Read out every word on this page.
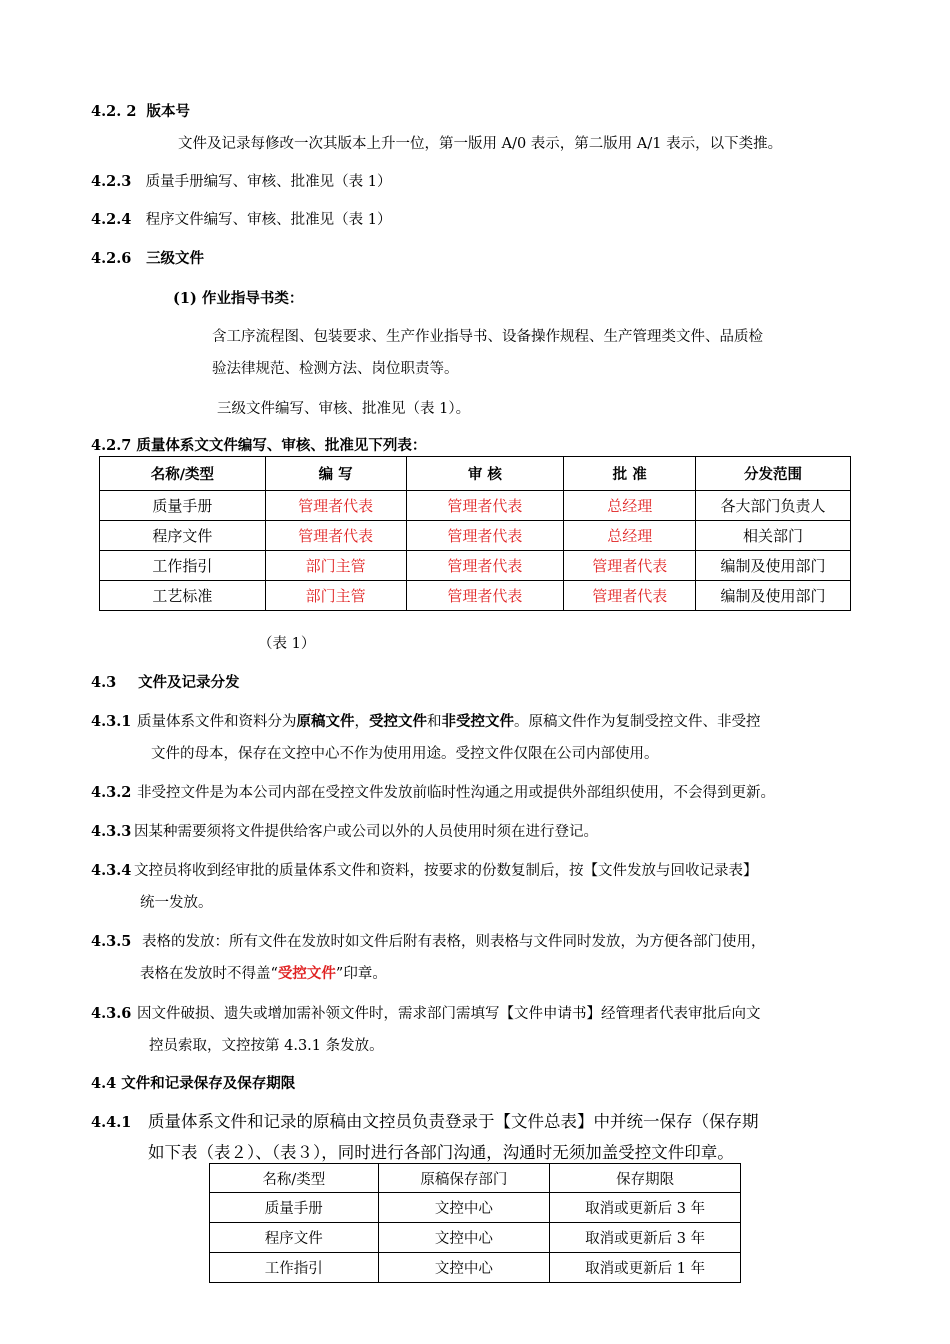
4.2. 2 版本号
文件及记录每修改一次其版本上升一位，第一版用 A/0 表示，第二版用 A/1 表示，以下类推。
4.2.3 质量手册编写、审核、批准见（表 1）
4.2.4 程序文件编写、审核、批准见（表 1）
4.2.6 三级文件
(1) 作业指导书类：
含工序流程图、包装要求、生产作业指导书、设备操作规程、生产管理类文件、品质检
验法律规范、检测方法、岗位职责等。
三级文件编写、审核、批准见（表 1）。
4.2.7 质量体系文文件编写、审核、批准见下列表：
名称/类型	编 写	审 核	批 准	分发范围
质量手册	管理者代表	管理者代表	总经理	各大部门负责人
程序文件	管理者代表	管理者代表	总经理	相关部门
工作指引	部门主管	管理者代表	管理者代表	编制及使用部门
工艺标准	部门主管	管理者代表	管理者代表	编制及使用部门
（表 1）
4.3 文件及记录分发
4.3.1 质量体系文件和资料分为原稿文件，受控文件和非受控文件。原稿文件作为复制受控文件、非受控
文件的母本，保存在文控中心不作为使用用途。受控文件仅限在公司内部使用。
4.3.2 非受控文件是为本公司内部在受控文件发放前临时性沟通之用或提供外部组织使用，不会得到更新。
4.3.3 因某种需要须将文件提供给客户或公司以外的人员使用时须在进行登记。
4.3.4 文控员将收到经审批的质量体系文件和资料，按要求的份数复制后，按【文件发放与回收记录表】
统一发放。
4.3.5 表格的发放：所有文件在发放时如文件后附有表格，则表格与文件同时发放，为方便各部门使用，
表格在发放时不得盖“受控文件”印章。
4.3.6 因文件破损、遗失或增加需补领文件时，需求部门需填写【文件申请书】经管理者代表审批后向文
控员索取，文控按第 4.3.1 条发放。
4.4 文件和记录保存及保存期限
4.4.1 质量体系文件和记录的原稿由文控员负责登录于【文件总表】中并统一保存（保存期
如下表（表２）、（表３），同时进行各部门沟通，沟通时无须加盖受控文件印章。
名称/类型	原稿保存部门	保存期限
质量手册	文控中心	取消或更新后 3 年
程序文件	文控中心	取消或更新后 3 年
工作指引	文控中心	取消或更新后 1 年
